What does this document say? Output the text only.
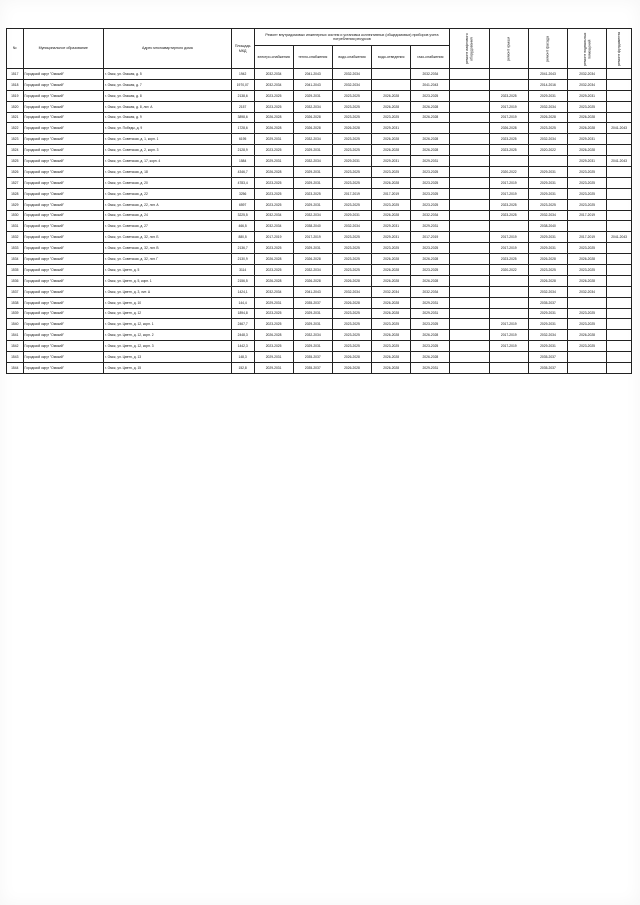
№	Муниципальное образование	Адрес многоквартирного дома	Площадь МКД	Ремонт внутридомовых инженерных систем и установка коллективных (общедомовых) приборов учета потребления ресурсов					ремонт лифтового оборудования	ремонт крыши	ремонт фасада	ремонт подвальных помещений	ремонт фундамента
				электро-снабжения	тепло-снабжения	водо-снабжения	водо-отведения	газо-снабжения					
1517	Городской округ "Омский"	г. Омск, ул. Омская, д. 5	1942	2032-2034	2041-2043	2032-2034		2032-2034			2041-2043	2032-2034	
1518	Городской округ "Омский"	г. Омск, ул. Омская, д. 7	1970,07	2032-2034	2041-2043	2032-2034		2041-2043			2014-2016	2032-2034	
1519	Городской округ "Омский"	г. Омск, ул. Омская, д. 8	2138,6	2023-2025	2029-2031	2023-2025	2026-2028	2023-2025		2023-2025	2029-2031	2029-2031	
1520	Городской округ "Омский"	г. Омск, ул. Омская, д. 8, лит. А	2157	2023-2025	2032-2034	2023-2025	2026-2028	2026-2028		2017-2019	2032-2034	2023-2025	
1521	Городской округ "Омский"	г. Омск, ул. Омская, д. 9	3898,6	2026-2028	2026-2028	2023-2025	2023-2025	2026-2028		2017-2019	2026-2028	2026-2028	
1522	Городской округ "Омский"	г. Омск, ул. Победы, д. 9	1728,6	2026-2028	2026-2028	2026-2028	2029-2031			2026-2028	2023-2025	2026-2028	2041-2043
1523	Городской округ "Омский"	г. Омск, ул. Советская, д. 1, корп. 1	6195	2029-2031	2032-2034	2023-2025	2026-2028	2026-2028		2023-2025	2032-2034	2029-2031	
1524	Городской округ "Омский"	г. Омск, ул. Советская, д. 2, корп. 3	2128,9	2023-2025	2029-2031	2023-2025	2026-2028	2026-2028		2023-2025	2020-2022	2026-2028	
1525	Городской округ "Омский"	г. Омск, ул. Советская, д. 17, корп. 4	1584	2029-2031	2032-2034	2029-2031	2029-2031	2029-2031				2029-2031	2041-2043
1526	Городской округ "Омский"	г. Омск, ул. Советская, д. 18	4346,7	2026-2028	2029-2031	2023-2025	2023-2025	2023-2025		2020-2022	2029-2031	2023-2025	
1527	Городской округ "Омский"	г. Омск, ул. Советская, д. 20	4783,4	2023-2025	2029-2031	2023-2025	2026-2028	2023-2025		2017-2019	2029-2031	2023-2025	
1528	Городской округ "Омский"	г. Омск, ул. Советская, д. 22	3256	2023-2025	2023-2025	2017-2019	2017-2019	2023-2025		2017-2019	2029-2031	2023-2025	
1529	Городской округ "Омский"	г. Омск, ул. Советская, д. 22, лит. А	6597	2023-2025	2029-2031	2023-2025	2023-2025	2023-2025		2023-2025	2023-2025	2023-2025	
1530	Городской округ "Омский"	г. Омск, ул. Советская, д. 24	3225,5	2032-2034	2032-2034	2029-2031	2026-2028	2032-2034		2023-2025	2032-2034	2017-2019	
1531	Городской округ "Омский"	г. Омск, ул. Советская, д. 27	466,5	2032-2034	2038-2040	2032-2034	2029-2031	2029-2031			2038-2040		
1532	Городской округ "Омский"	г. Омск, ул. Советская, д. 32, лит. Б	880,5	2017-2019	2017-2019	2023-2025	2029-2031	2017-2019		2017-2019	2029-2031	2017-2019	2041-2043
1533	Городской округ "Омский"	г. Омск, ул. Советская, д. 32, лит. В	2136,7	2023-2025	2029-2031	2023-2025	2023-2025	2023-2025		2017-2019	2029-2031	2023-2025	
1534	Городской округ "Омский"	г. Омск, ул. Советская, д. 32, лит. Г	2130,9	2026-2028	2026-2028	2023-2025	2026-2028	2026-2028		2023-2025	2026-2028	2026-2028	
1535	Городской округ "Омский"	г. Омск, ул. Цветн, д. 5	3114	2023-2025	2032-2034	2023-2025	2026-2028	2023-2025		2020-2022	2023-2025	2023-2025	
1536	Городской округ "Омский"	г. Омск, ул. Цветн, д. 5, корп. 1	2156,5	2026-2028	2026-2028	2026-2028	2026-2028	2026-2028			2026-2028	2026-2028	
1537	Городской округ "Омский"	г. Омск, ул. Цветн, д. 3, лит. А	1424,1	2032-2034	2041-2043	2032-2034	2032-2034	2032-2034			2032-2034	2032-2034	
1538	Городской округ "Омский"	г. Омск, ул. Цветн, д. 10	144,4	2029-2031	2035-2037	2026-2028	2026-2028	2029-2031			2035-2037		
1539	Городской округ "Омский"	г. Омск, ул. Цветн, д. 12	1894,8	2023-2025	2029-2031	2023-2025	2026-2028	2029-2031			2029-2031	2023-2025	
1540	Городской округ "Омский"	г. Омск, ул. Цветн, д. 12, корп. 1	2467,7	2023-2025	2029-2031	2023-2025	2023-2025	2023-2025		2017-2019	2029-2031	2023-2025	
1541	Городской округ "Омский"	г. Омск, ул. Цветн, д. 12, корп. 2	2448,3	2026-2028	2032-2034	2023-2025	2026-2028	2026-2028		2017-2019	2032-2034	2026-2028	
1542	Городской округ "Омский"	г. Омск, ул. Цветн, д. 12, корп. 3	1442,3	2023-2025	2029-2031	2023-2025	2023-2025	2023-2025		2017-2019	2029-2031	2023-2025	
1543	Городской округ "Омский"	г. Омск, ул. Цветн, д. 13	148,3	2029-2031	2035-2037	2026-2028	2026-2028	2026-2028			2035-2037		
1544	Городской округ "Омский"	г. Омск, ул. Цветн, д. 15	152,8	2029-2031	2035-2037	2026-2028	2026-2028	2029-2031			2035-2037		
